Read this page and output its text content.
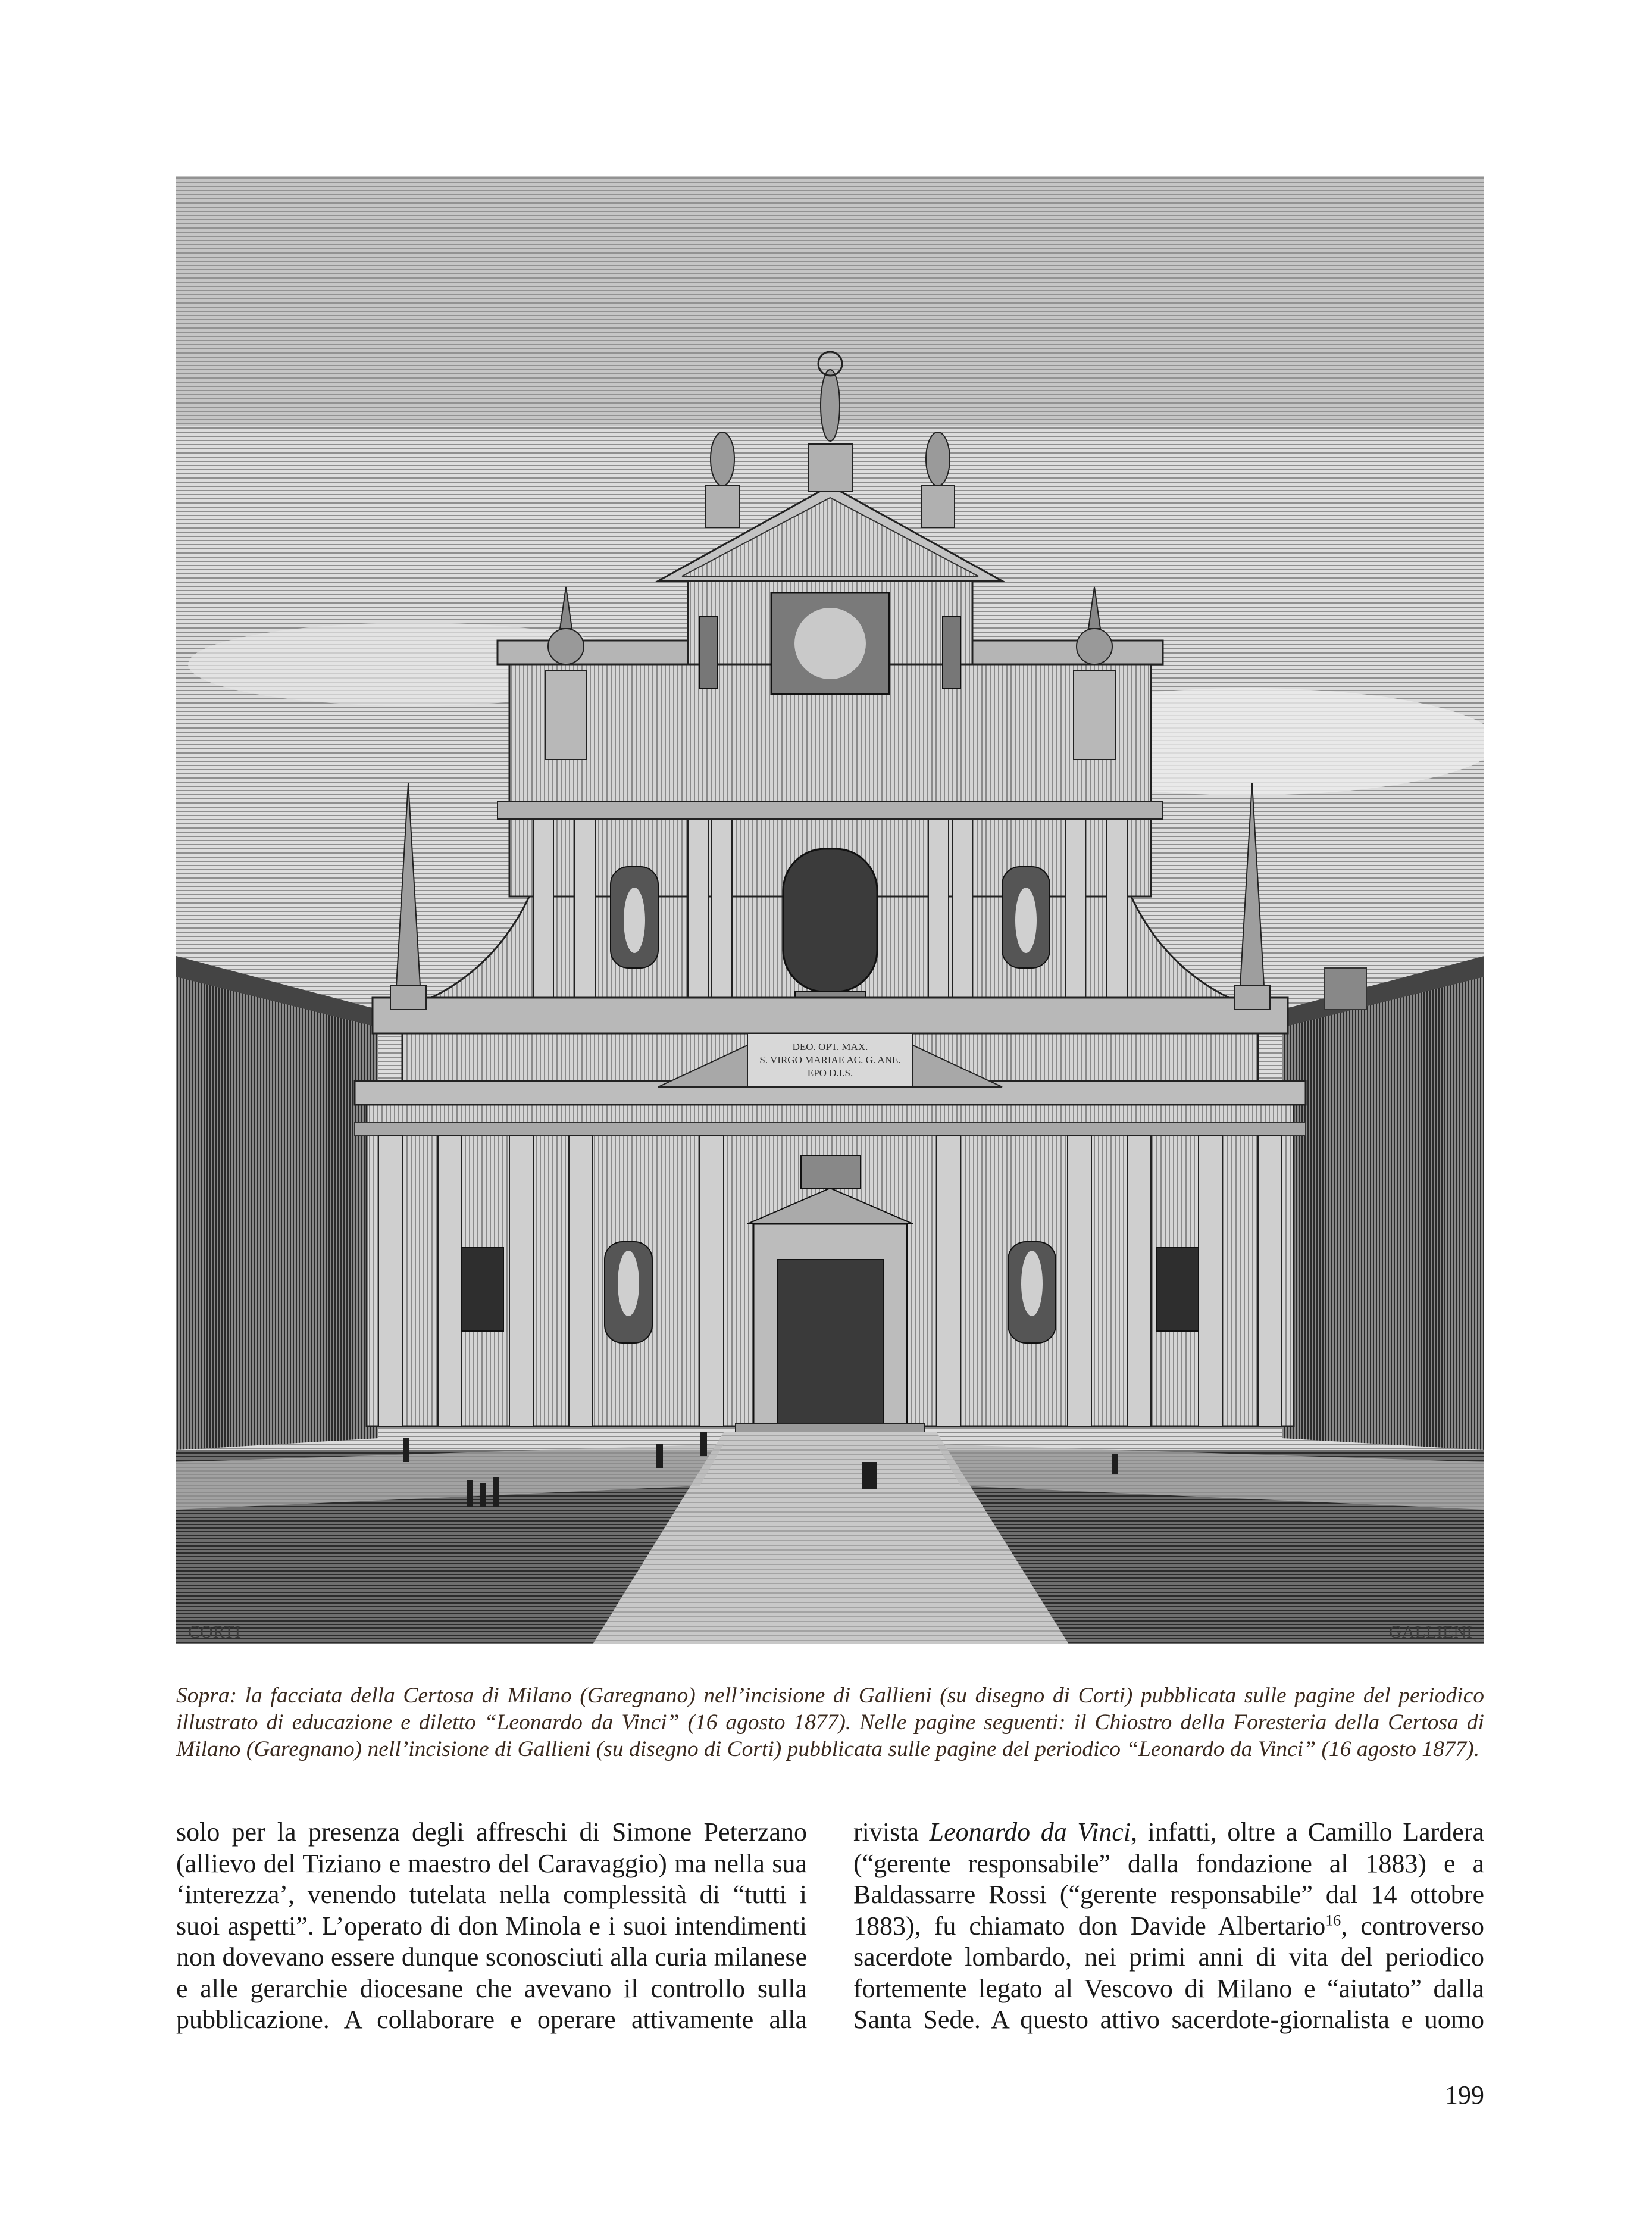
DEO. OPT. MAX.
S. VIRGO MARIAE AC. G. ANE.
EPO D.I.S.
CORTI	GALLIENI

Sopra: la facciata della Certosa di Milano (Garegnano) nell’incisione di Gallieni (su disegno di Corti) pubblicata sulle pagine del periodico illustrato di educazione e diletto “Leonardo da Vinci” (16 agosto 1877). Nelle pagine seguenti: il Chiostro della Foresteria della Certosa di Milano (Garegnano) nell’incisione di Gallieni (su disegno di Corti) pubblicata sulle pagine del periodico “Leonardo da Vinci” (16 agosto 1877).

solo per la presenza degli affreschi di Simone Peterzano
(allievo del Tiziano e maestro del Caravaggio) ma nella sua
‘interezza’, venendo tutelata nella complessità di “tutti i
suoi aspetti”. L’operato di don Minola e i suoi intendimenti
non dovevano essere dunque sconosciuti alla curia milanese
e alle gerarchie diocesane che avevano il controllo sulla
pubblicazione. A collaborare e operare attivamente alla
rivista Leonardo da Vinci, infatti, oltre a Camillo Lardera
(“gerente responsabile” dalla fondazione al 1883) e a
Baldassarre Rossi (“gerente responsabile” dal 14 ottobre
1883), fu chiamato don Davide Albertario$^{16}$, controverso
sacerdote lombardo, nei primi anni di vita del periodico
fortemente legato al Vescovo di Milano e “aiutato” dalla
Santa Sede. A questo attivo sacerdote-giornalista e uomo
199
